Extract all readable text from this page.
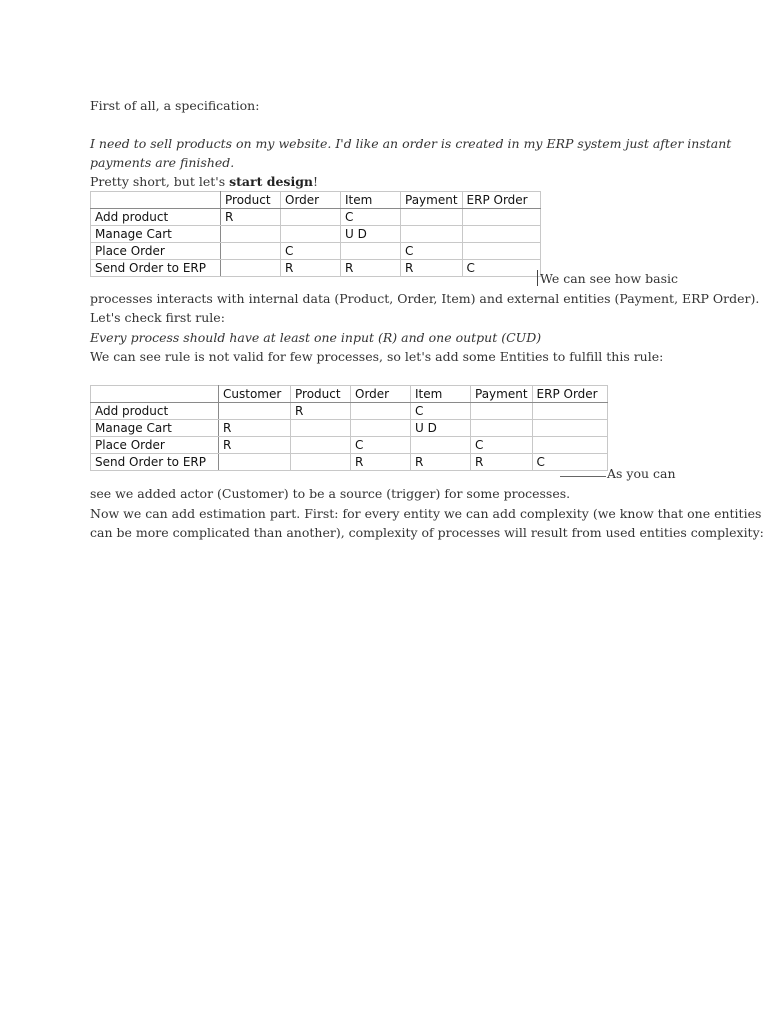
First of all, a specification:
I need to sell products on my website. I'd like an order is created in my ERP system just after instant
payments are finished.
Pretty short, but let's start design!
	Product	Order	Item	Payment	ERP Order
Add product	R		C		
Manage Cart			U D		
Place Order		C		C	
Send Order to ERP		R	R	R	C
We can see how basic
processes interacts with internal data (Product, Order, Item) and external entities (Payment, ERP Order).
Let's check first rule:
Every process should have at least one input (R) and one output (CUD)
We can see rule is not valid for few processes, so let's add some Entities to fulfill this rule:
	Customer	Product	Order	Item	Payment	ERP Order
Add product		R		C		
Manage Cart	R			U D		
Place Order	R		C		C	
Send Order to ERP			R	R	R	C
As you can
see we added actor (Customer) to be a source (trigger) for some processes.
Now we can add estimation part. First: for every entity we can add complexity (we know that one entities
can be more complicated than another), complexity of processes will result from used entities complexity:
